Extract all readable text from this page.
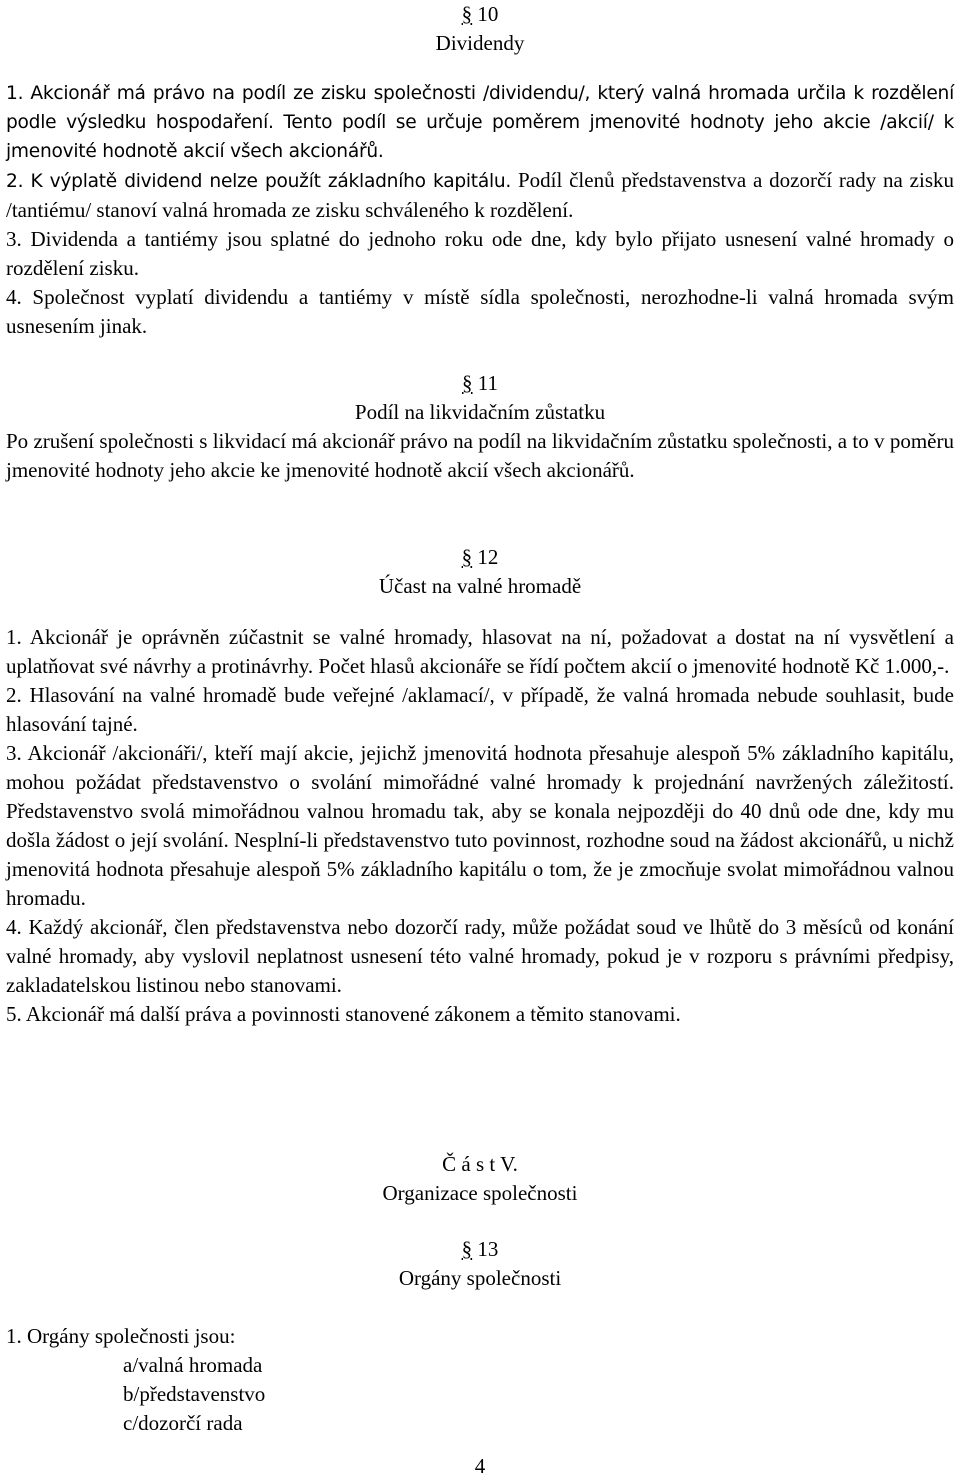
§ 10
Dividendy

1. Akcionář má právo na podíl ze zisku společnosti /dividendu/, který valná hromada určila k rozdělení podle výsledku hospodaření. Tento podíl se určuje poměrem jmenovité hodnoty jeho akcie /akcií/ k jmenovité hodnotě akcií všech akcionářů.

2. K výplatě dividend nelze použít základního kapitálu. Podíl členů představenstva a dozorčí rady na zisku /tantiému/ stanoví valná hromada ze zisku schváleného k rozdělení.

3. Dividenda a tantiémy jsou splatné do jednoho roku ode dne, kdy bylo přijato usnesení valné hromady o rozdělení zisku.

4. Společnost vyplatí dividendu a tantiémy v místě sídla společnosti, nerozhodne-li valná hromada svým usnesením jinak.

§ 11
Podíl na likvidačním zůstatku

Po zrušení společnosti s likvidací má akcionář právo na podíl na likvidačním zůstatku společnosti, a to v poměru jmenovité hodnoty jeho akcie ke jmenovité hodnotě akcií všech akcionářů.

§ 12
Účast na valné hromadě

1. Akcionář je oprávněn zúčastnit se valné hromady, hlasovat na ní, požadovat a dostat na ní vysvětlení a uplatňovat své návrhy a protinávrhy. Počet hlasů akcionáře se řídí počtem akcií o jmenovité hodnotě Kč 1.000,-.

2. Hlasování na valné hromadě bude veřejné /aklamací/, v případě, že valná hromada nebude souhlasit, bude hlasování tajné.

3. Akcionář /akcionáři/, kteří mají akcie, jejichž jmenovitá hodnota přesahuje alespoň 5% základního kapitálu, mohou požádat představenstvo o svolání mimořádné valné hromady k projednání navržených záležitostí. Představenstvo svolá mimořádnou valnou hromadu tak, aby se konala nejpozději do 40 dnů ode dne, kdy mu došla žádost o její svolání. Nesplní-li představenstvo tuto povinnost, rozhodne soud na žádost akcionářů, u nichž jmenovitá hodnota přesahuje alespoň 5% základního kapitálu o tom, že je zmocňuje svolat mimořádnou valnou hromadu.

4. Každý akcionář, člen představenstva nebo dozorčí rady, může požádat soud ve lhůtě do 3 měsíců od konání valné hromady, aby vyslovil neplatnost usnesení této valné hromady, pokud je v rozporu s právními předpisy, zakladatelskou listinou nebo stanovami.

5. Akcionář má další práva a povinnosti stanovené zákonem a těmito stanovami.

Č á s t V.
Organizace společnosti
§ 13
Orgány společnosti

1. Orgány společnosti jsou:

a/valná hromada
b/představenstvo
c/dozorčí rada
4
